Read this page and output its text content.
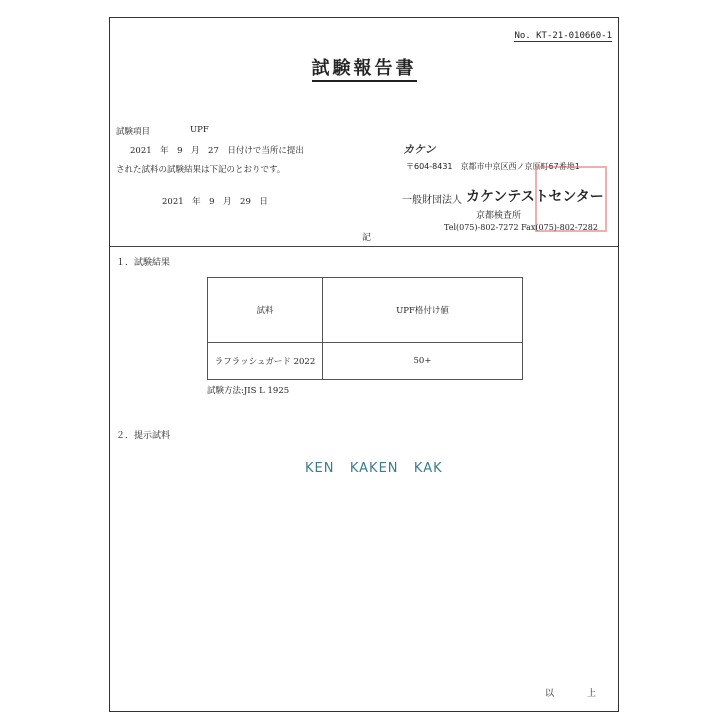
No. KT-21-010660-1
試験報告書
試験項目	UPF
2021　年　9　月　27　日付けで当所に提出
された試料の試験結果は下記のとおりです。
2021　年　9　月　29　日
カケン
〒604-8431　京都市中京区西ノ京原町67番地1
一般財団法人 カケンテストセンター
京都検査所
Tel(075)-802-7272 Fax(075)-802-7282
記
１．試験結果
試料	UPF格付け値
ラフラッシュガード 2022	50+
試験方法:JIS L 1925
２．提示試料
KEN   KAKEN   KAK
以　上
